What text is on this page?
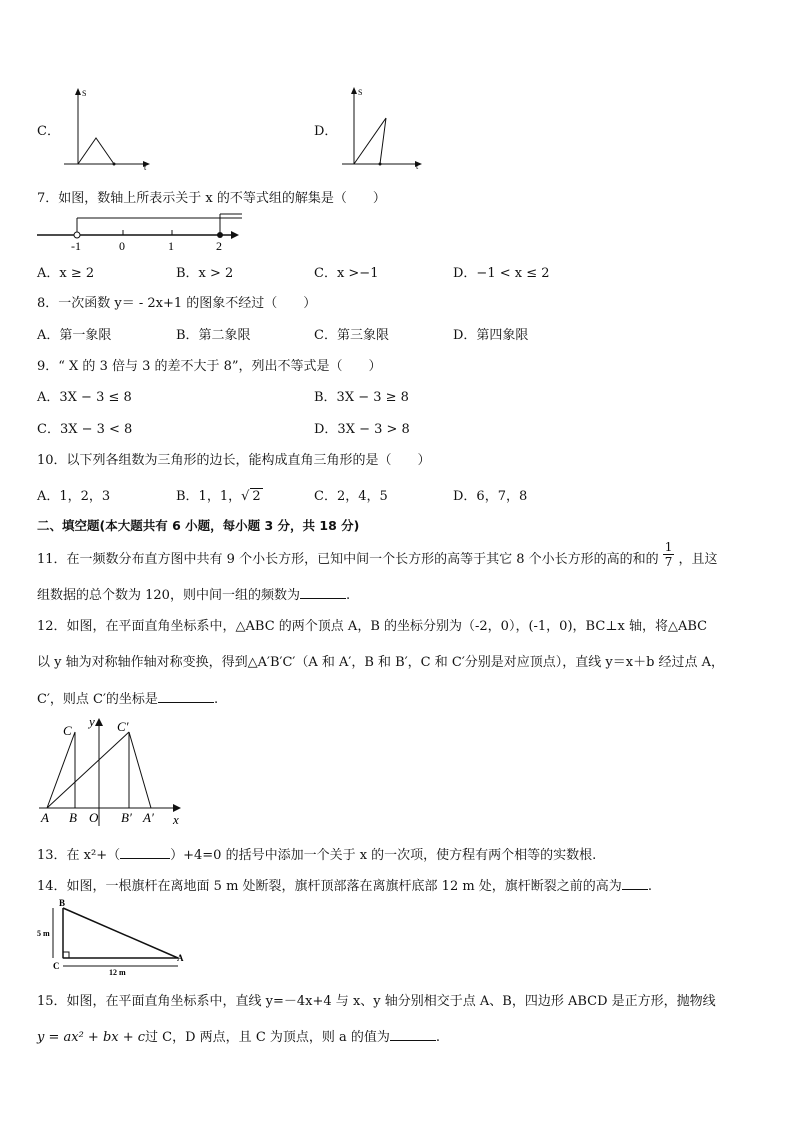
C．
S
t
D．
S
t
7．如图，数轴上所表示关于 x 的不等式组的解集是（　　）
-1	0	1	2
A．x ≥ 2	B．x > 2	C．x >−1	D．−1 < x ≤ 2
8．一次函数 y＝ - 2x+1 的图象不经过（　　）
A．第一象限	B．第二象限	C．第三象限	D．第四象限
9．“ X 的 3 倍与 3 的差不大于 8”，列出不等式是（　　）
A．3X − 3 ≤ 8	B．3X − 3 ≥ 8
C．3X − 3 < 8	D．3X − 3 > 8
10．以下列各组数为三角形的边长，能构成直角三角形的是（　　）
A．1，2，3	B．1，1，√ 2	C．2，4，5	D．6，7，8
二、填空题(本大题共有 6 小题，每小题 3 分，共 18 分)
11．在一频数分布直方图中共有 9 个小长方形，已知中间一个长方形的高等于其它 8 个小长方形的高的和的 $\frac{1}{7}$ ，且这
组数据的总个数为 120，则中间一组的频数为	.
12．如图，在平面直角坐标系中，△ABC 的两个顶点 A，B 的坐标分别为（-2，0），(-1，0)，BC⊥x 轴，将△ABC
以 y 轴为对称轴作轴对称变换，得到△A′B′C′（A 和 A′，B 和 B′，C 和 C′分别是对应顶点），直线 y＝x＋b 经过点 A，
C′，则点 C′的坐标是	.
C	C′
y
A B O B′ A′ x
13．在 x²+（	）+4=0 的括号中添加一个关于 x 的一次项，使方程有两个相等的实数根.
14．如图，一根旗杆在离地面 5 m 处断裂，旗杆顶部落在离旗杆底部 12 m 处，旗杆断裂之前的高为 .
B
C
A
5 m
12 m
15．如图，在平面直角坐标系中，直线 y=－4x+4 与 x、y 轴分别相交于点 A、B，四边形 ABCD 是正方形，抛物线
y = ax² + bx + c过 C，D 两点，且 C 为顶点，则 a 的值为	.
